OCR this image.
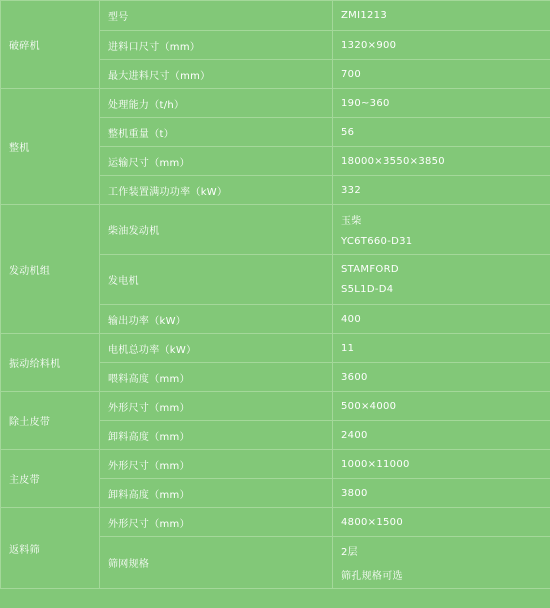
破碎机	型号	ZMI1213

	进料口尺寸（mm）	1320×900

	最大进料尺寸（mm）	700

整机	处理能力（t/h）	190~360

	整机重量（t）	56

	运输尺寸（mm）	18000×3550×3850

	工作装置满功功率（kW）	332

发动机组	柴油发动机	玉柴
YC6T660-D31

	发电机	STAMFORD
S5L1D-D4

	输出功率（kW）	400

振动给料机	电机总功率（kW）	11

	喂料高度（mm）	3600

除土皮带	外形尺寸（mm）	500×4000

	卸料高度（mm）	2400

主皮带	外形尺寸（mm）	1000×11000

	卸料高度（mm）	3800

返料筛	外形尺寸（mm）	4800×1500

	筛网规格	2层
筛孔规格可选
